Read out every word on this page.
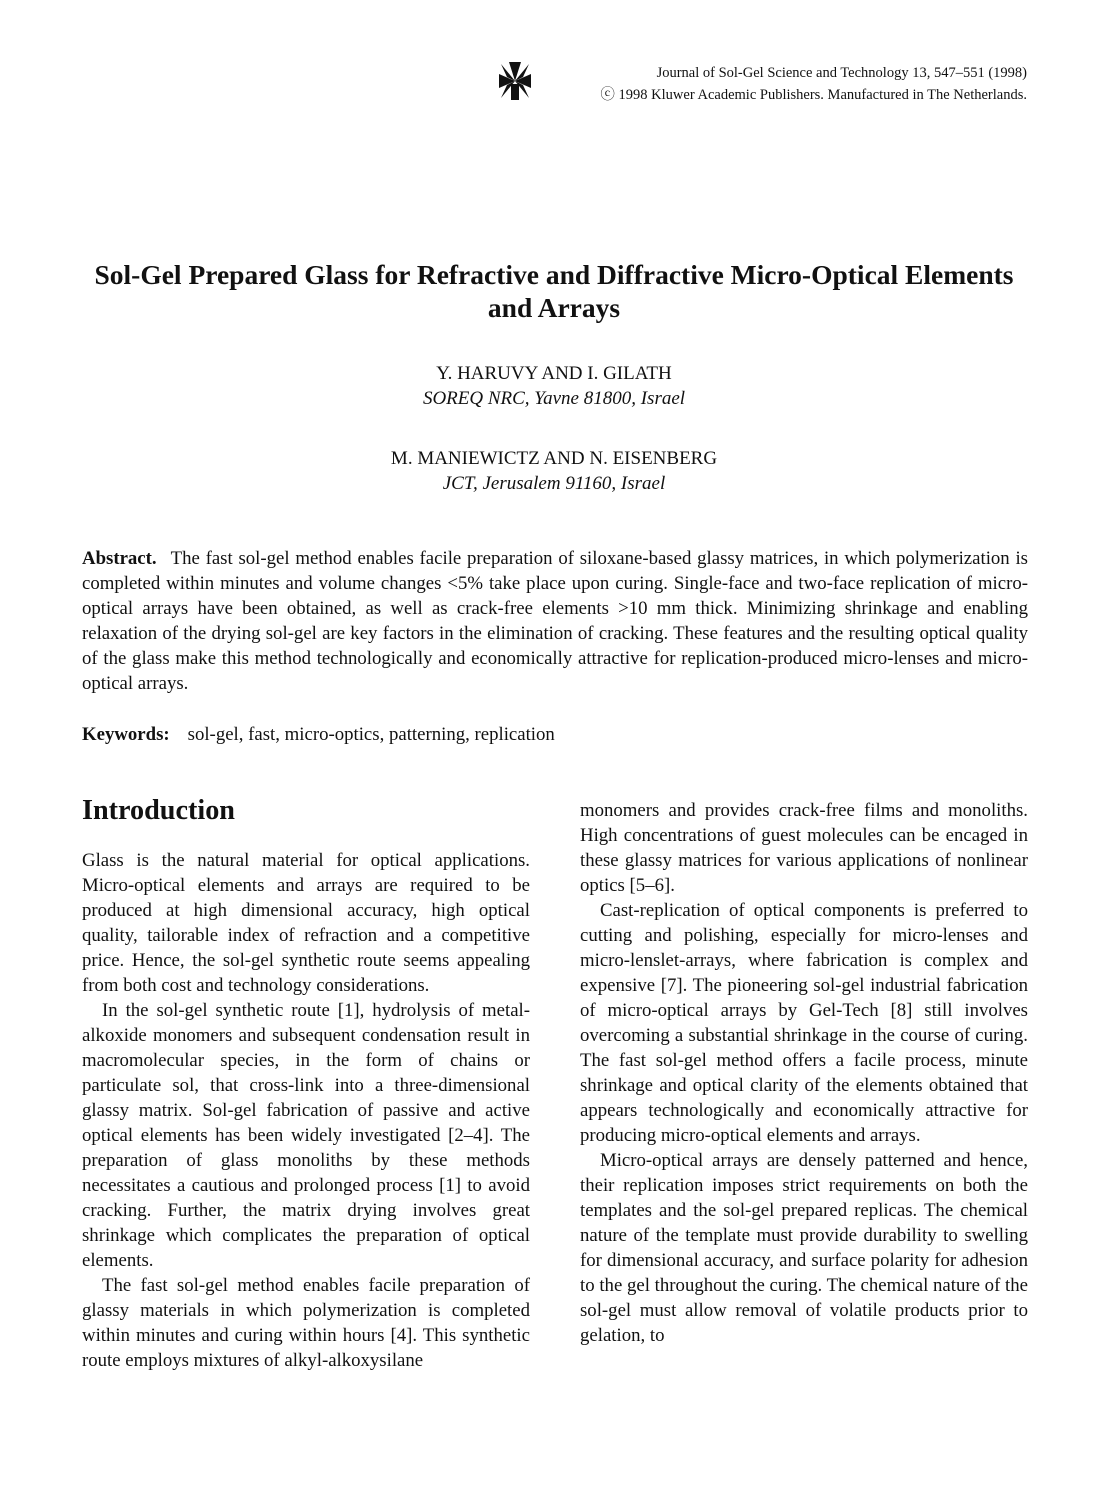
Journal of Sol-Gel Science and Technology 13, 547–551 (1998)
ⓒ 1998 Kluwer Academic Publishers. Manufactured in The Netherlands.
Sol-Gel Prepared Glass for Refractive and Diffractive Micro-Optical Elements and Arrays
Y. HARUVY AND I. GILATH
SOREQ NRC, Yavne 81800, Israel
M. MANIEWICTZ AND N. EISENBERG
JCT, Jerusalem 91160, Israel

Abstract. The fast sol-gel method enables facile preparation of siloxane-based glassy matrices, in which polymerization is completed within minutes and volume changes <5% take place upon curing. Single-face and two-face replication of micro-optical arrays have been obtained, as well as crack-free elements >10 mm thick. Minimizing shrinkage and enabling relaxation of the drying sol-gel are key factors in the elimination of cracking. These features and the resulting optical quality of the glass make this method technologically and economically attractive for replication-produced micro-lenses and micro-optical arrays.

Keywords: sol-gel, fast, micro-optics, patterning, replication

Introduction

Glass is the natural material for optical applications. Micro-optical elements and arrays are required to be produced at high dimensional accuracy, high optical quality, tailorable index of refraction and a competitive price. Hence, the sol-gel synthetic route seems appealing from both cost and technology considerations.

In the sol-gel synthetic route [1], hydrolysis of metal-alkoxide monomers and subsequent condensation result in macromolecular species, in the form of chains or particulate sol, that cross-link into a three-dimensional glassy matrix. Sol-gel fabrication of passive and active optical elements has been widely investigated [2–4]. The preparation of glass monoliths by these methods necessitates a cautious and prolonged process [1] to avoid cracking. Further, the matrix drying involves great shrinkage which complicates the preparation of optical elements.

The fast sol-gel method enables facile preparation of glassy materials in which polymerization is completed within minutes and curing within hours [4]. This synthetic route employs mixtures of alkyl-alkoxysilane

monomers and provides crack-free films and monoliths. High concentrations of guest molecules can be encaged in these glassy matrices for various applications of nonlinear optics [5–6].

Cast-replication of optical components is preferred to cutting and polishing, especially for micro-lenses and micro-lenslet-arrays, where fabrication is complex and expensive [7]. The pioneering sol-gel industrial fabrication of micro-optical arrays by Gel-Tech [8] still involves overcoming a substantial shrinkage in the course of curing. The fast sol-gel method offers a facile process, minute shrinkage and optical clarity of the elements obtained that appears technologically and economically attractive for producing micro-optical elements and arrays.

Micro-optical arrays are densely patterned and hence, their replication imposes strict requirements on both the templates and the sol-gel prepared replicas. The chemical nature of the template must provide durability to swelling for dimensional accuracy, and surface polarity for adhesion to the gel throughout the curing. The chemical nature of the sol-gel must allow removal of volatile products prior to gelation, to
